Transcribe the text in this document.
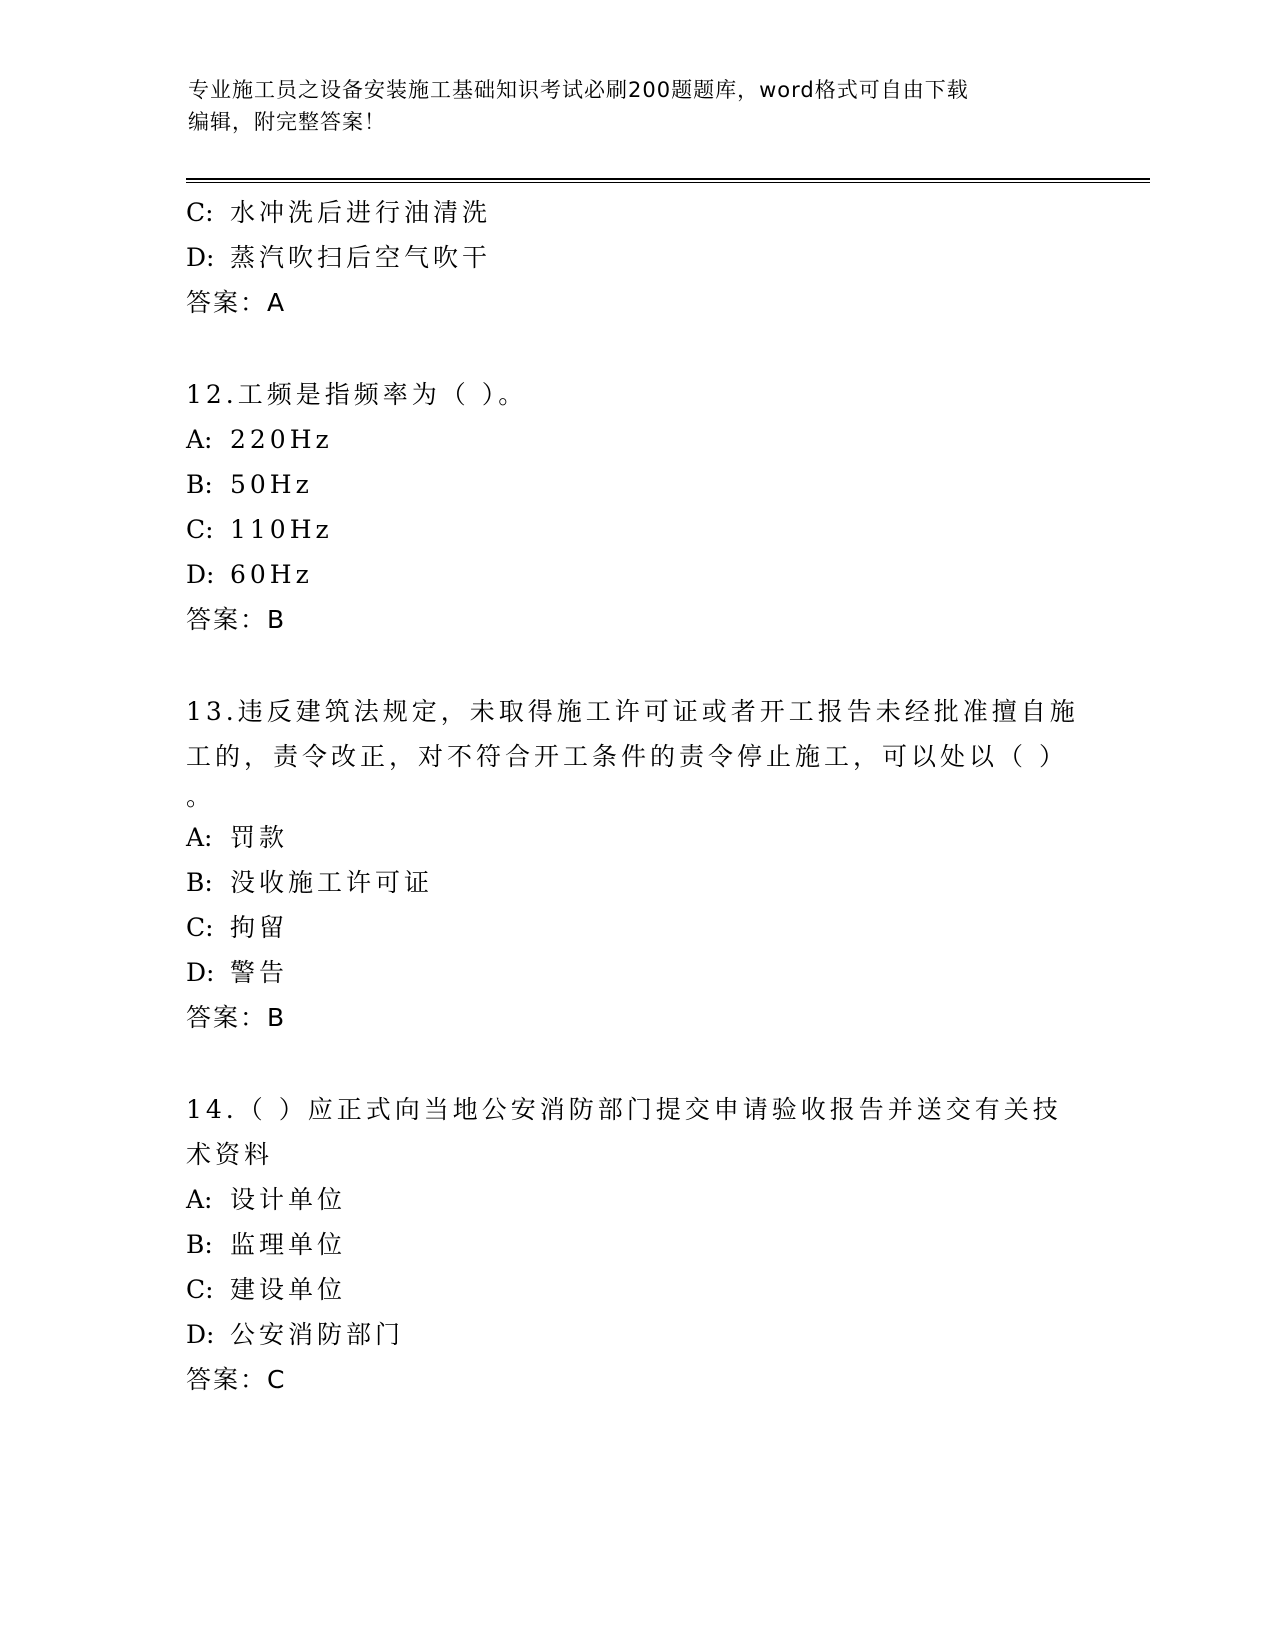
专业施工员之设备安装施工基础知识考试必刷200题题库，word格式可自由下载
编辑，附完整答案！
C: 水冲洗后进行油清洗
D: 蒸汽吹扫后空气吹干
答案：A
12.工频是指频率为（ ）。
A: 220Hz
B: 50Hz
C: 110Hz
D: 60Hz
答案：B
13.违反建筑法规定，未取得施工许可证或者开工报告未经批准擅自施
工的，责令改正，对不符合开工条件的责令停止施工，可以处以（ ）
。
A: 罚款
B: 没收施工许可证
C: 拘留
D: 警告
答案：B
14.（ ）应正式向当地公安消防部门提交申请验收报告并送交有关技
术资料
A: 设计单位
B: 监理单位
C: 建设单位
D: 公安消防部门
答案：C
